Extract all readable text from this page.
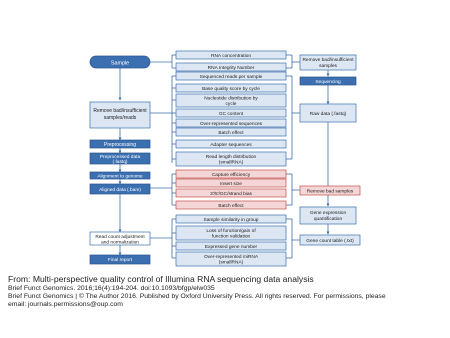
Sample
Remove bad/insufficient
samples/reads
Preprocessing
Preprocessed data
(.fastq)
Alignment to genome
Aligned data (.bam)
Read count adjustment
and normalization
Final report
RNA concentration
RNA Integrity Number
Sequenced reads per sample
Base quality score by cycle
Nucleotide distribution by
cycle
GC content
Over-represented sequences
Batch effect
Adapter sequences
Read length distribution
(smallRNA)
Capture efficiency
Insert size
3'/5'/GC/strand bias
Batch effect
Sample similarity in group
Loss of function/gain of
function validation
Expressed gene number
Over-represented miRNA
(smallRNA)
Remove bad/insufficient
samples
Sequencing
Raw data (.fastq)
Remove bad samples
Gene expression
quantification
Gene count table (.txt)
From: Multi-perspective quality control of Illumina RNA sequencing data analysis
Brief Funct Genomics. 2016;16(4):194-204. doi:10.1093/bfgp/elw035
Brief Funct Genomics | © The Author 2016. Published by Oxford University Press. All rights reserved. For permissions, please
email: journals.permissions@oup.com
